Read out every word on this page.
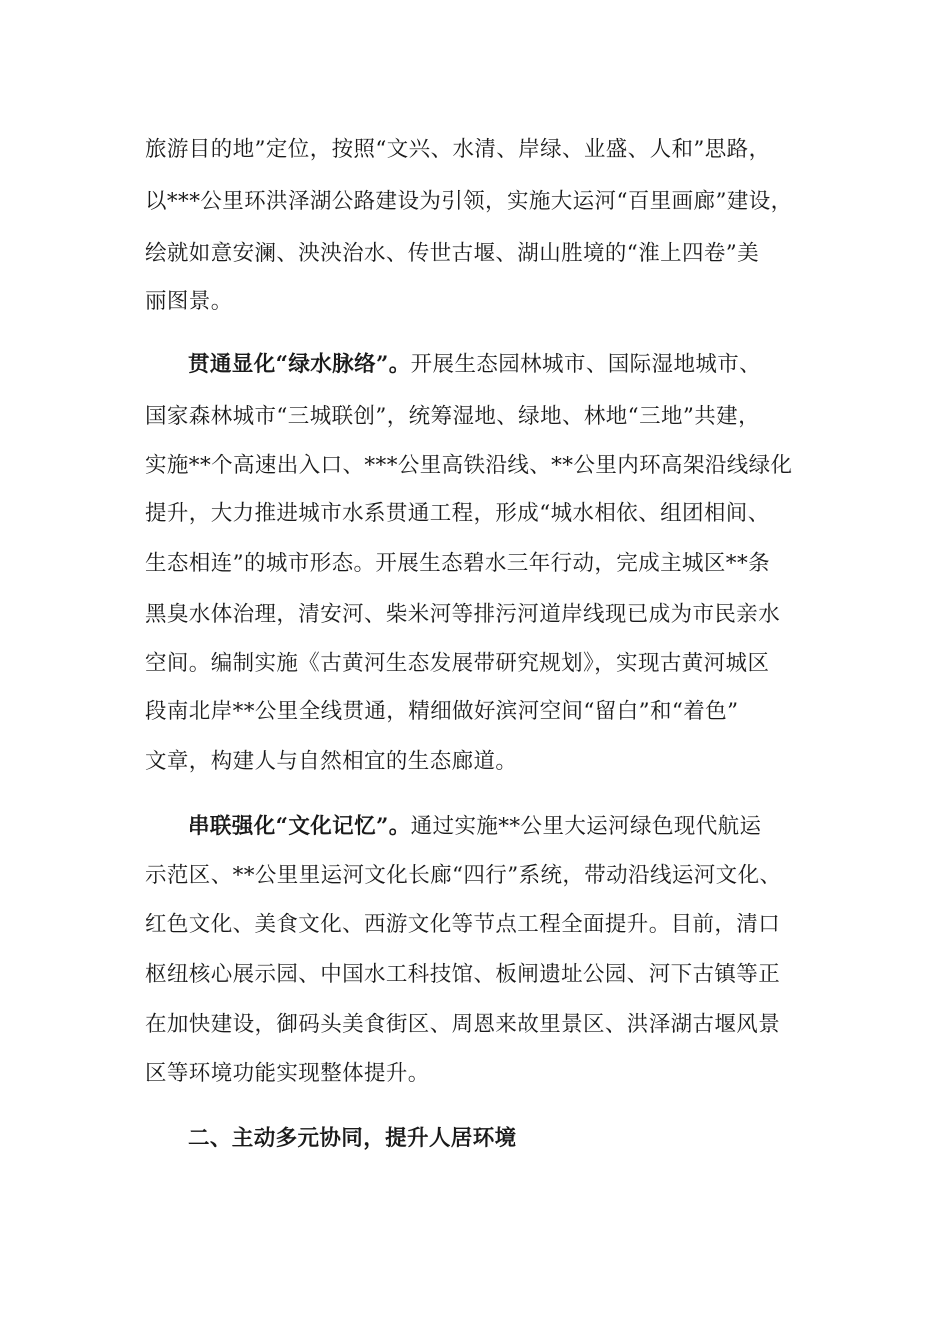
旅游目的地”定位，按照“文兴、水清、岸绿、业盛、人和”思路，
以***公里环洪泽湖公路建设为引领，实施大运河“百里画廊”建设，
绘就如意安澜、泱泱治水、传世古堰、湖山胜境的“淮上四卷”美
丽图景。
贯通显化“绿水脉络”。开展生态园林城市、国际湿地城市、
国家森林城市“三城联创”，统筹湿地、绿地、林地“三地”共建，
实施**个高速出入口、***公里高铁沿线、**公里内环高架沿线绿化
提升，大力推进城市水系贯通工程，形成“城水相依、组团相间、
生态相连”的城市形态。开展生态碧水三年行动，完成主城区**条
黑臭水体治理，清安河、柴米河等排污河道岸线现已成为市民亲水
空间。编制实施《古黄河生态发展带研究规划》，实现古黄河城区
段南北岸**公里全线贯通，精细做好滨河空间“留白”和“着色”
文章，构建人与自然相宜的生态廊道。
串联强化“文化记忆”。通过实施**公里大运河绿色现代航运
示范区、**公里里运河文化长廊“四行”系统，带动沿线运河文化、
红色文化、美食文化、西游文化等节点工程全面提升。目前，清口
枢纽核心展示园、中国水工科技馆、板闸遗址公园、河下古镇等正
在加快建设，御码头美食街区、周恩来故里景区、洪泽湖古堰风景
区等环境功能实现整体提升。
二、主动多元协同，提升人居环境
